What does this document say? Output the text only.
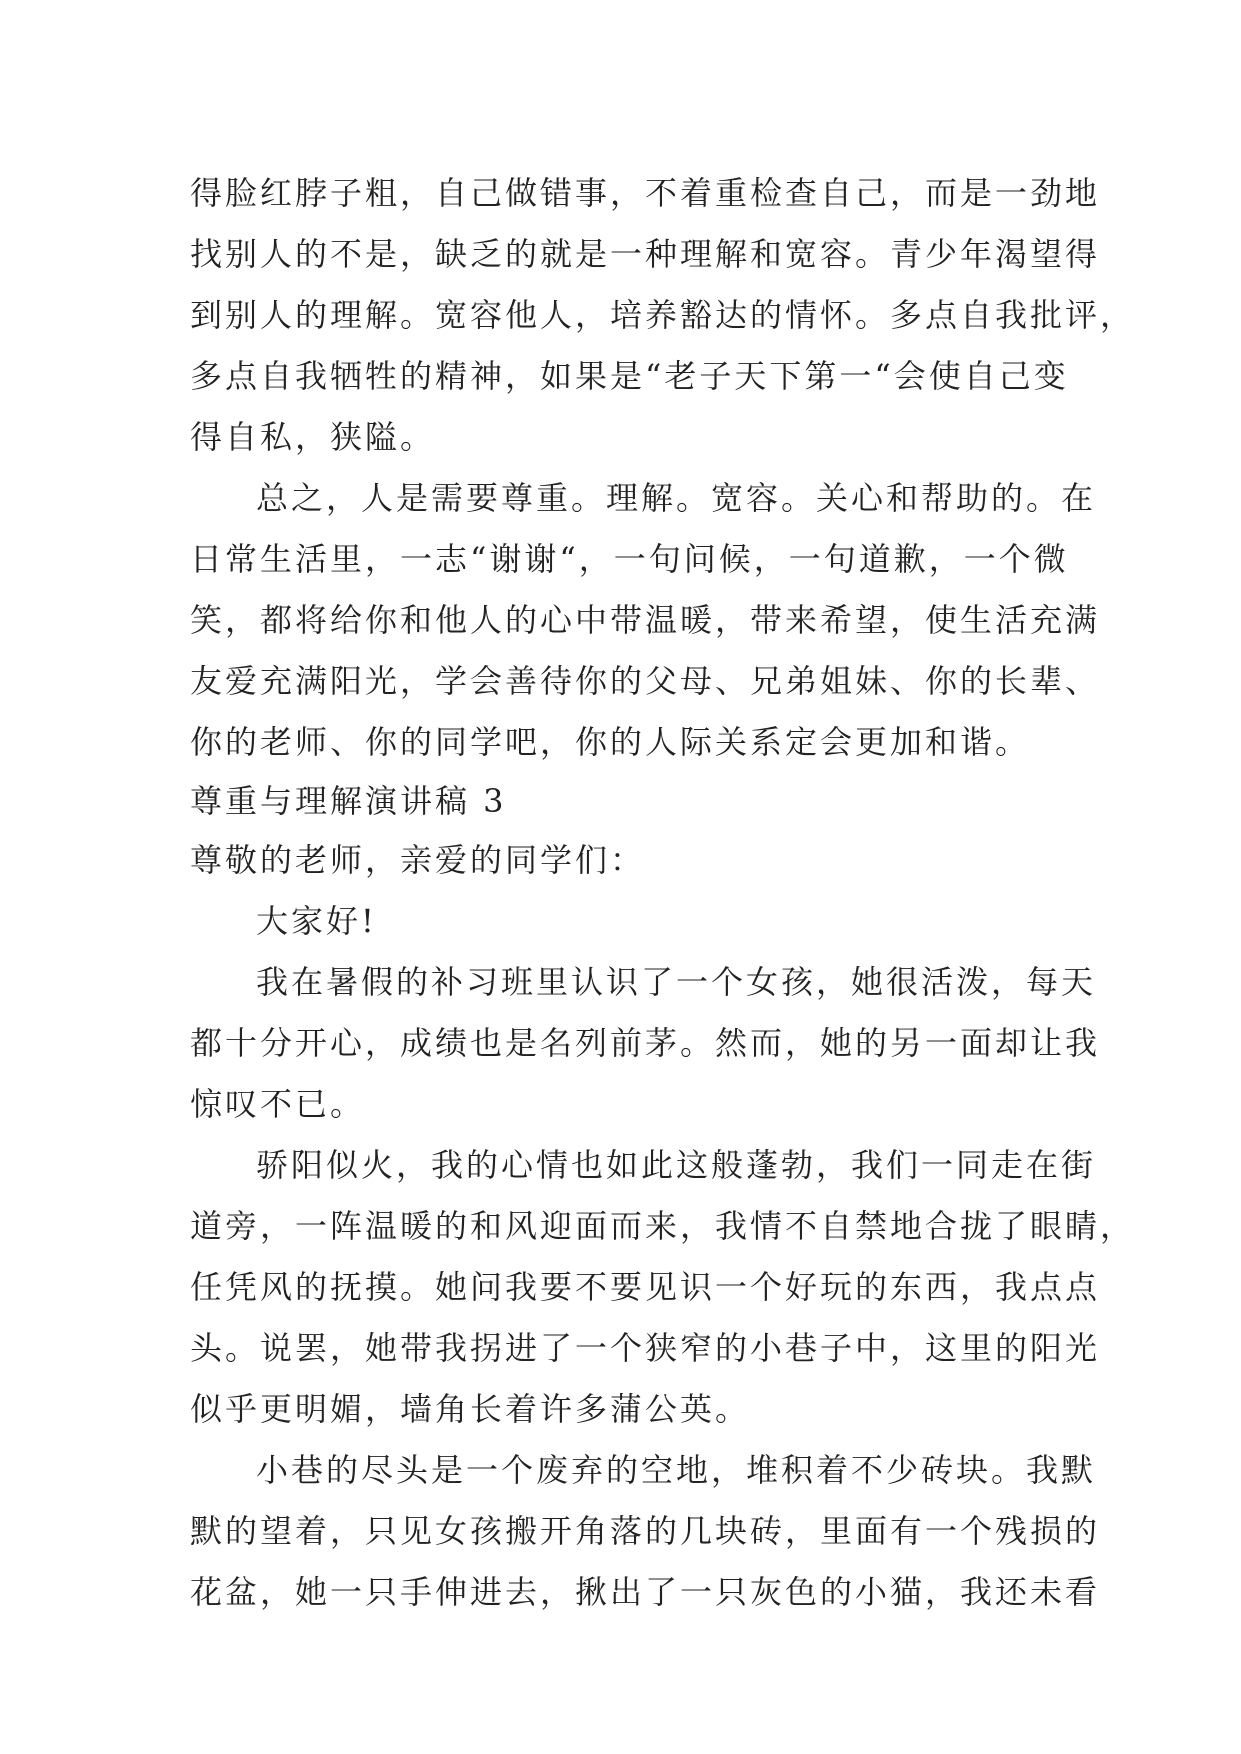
得脸红脖子粗，自己做错事，不着重检查自己，而是一劲地
找别人的不是，缺乏的就是一种理解和宽容。青少年渴望得
到别人的理解。宽容他人，培养豁达的情怀。多点自我批评，
多点自我牺牲的精神，如果是“老子天下第一“会使自己变
得自私，狭隘。
总之，人是需要尊重。理解。宽容。关心和帮助的。在
日常生活里，一志“谢谢“，一句问候，一句道歉，一个微
笑，都将给你和他人的心中带温暖，带来希望，使生活充满
友爱充满阳光，学会善待你的父母、兄弟姐妹、你的长辈、
你的老师、你的同学吧，你的人际关系定会更加和谐。
尊重与理解演讲稿 3
尊敬的老师，亲爱的同学们：
大家好!
我在暑假的补习班里认识了一个女孩，她很活泼，每天
都十分开心，成绩也是名列前茅。然而，她的另一面却让我
惊叹不已。
骄阳似火，我的心情也如此这般蓬勃，我们一同走在街
道旁，一阵温暖的和风迎面而来，我情不自禁地合拢了眼睛，
任凭风的抚摸。她问我要不要见识一个好玩的东西，我点点
头。说罢，她带我拐进了一个狭窄的小巷子中，这里的阳光
似乎更明媚，墙角长着许多蒲公英。
小巷的尽头是一个废弃的空地，堆积着不少砖块。我默
默的望着，只见女孩搬开角落的几块砖，里面有一个残损的
花盆，她一只手伸进去，揪出了一只灰色的小猫，我还未看
